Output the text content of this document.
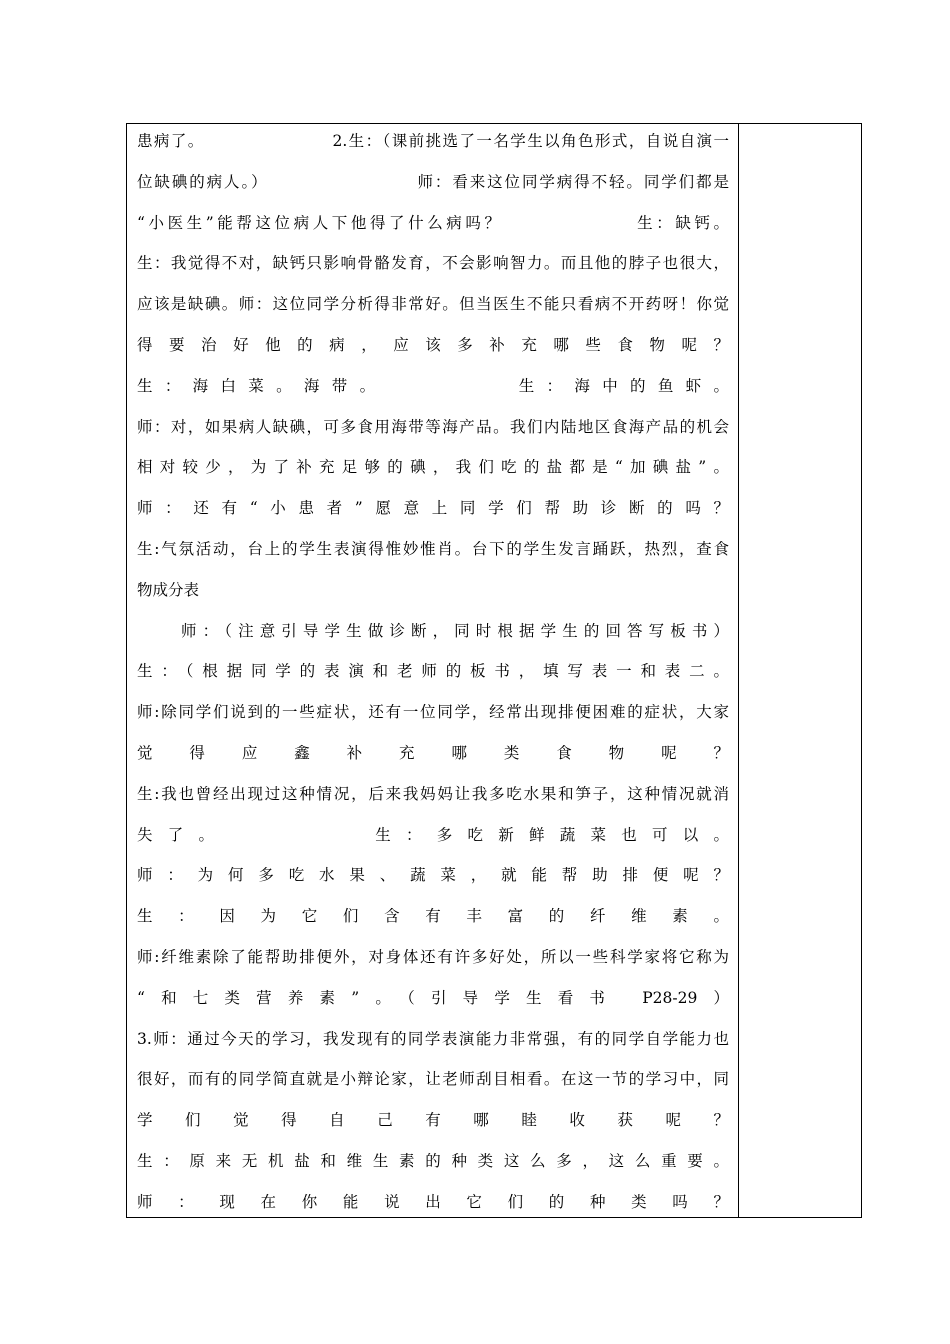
患病了。　　　　　　　　2.生：（课前挑选了一名学生以角色形式，自说自演一
位缺碘的病人。）　　　　　　　　　师：看来这位同学病得不轻。同学们都是
“小医生”能帮这位病人下他得了什么病吗？　　　　　　　生：缺钙。
生：我觉得不对，缺钙只影响骨骼发育，不会影响智力。而且他的脖子也很大，
应该是缺碘。师：这位同学分析得非常好。但当医生不能只看病不开药呀！你觉
得要治好他的病，应该多补充哪些食物呢？
生：海白菜。海带。　　　　　生：海中的鱼虾。
师：对，如果病人缺碘，可多食用海带等海产品。我们内陆地区食海产品的机会
相对较少，为了补充足够的碘，我们吃的盐都是“加碘盐”。
师：还有“小患者”愿意上同学们帮助诊断的吗？
生:气氛活动，台上的学生表演得惟妙惟肖。台下的学生发言踊跃，热烈，查食
物成分表
师：（注意引导学生做诊断，同时根据学生的回答写板书）
生：（根据同学的表演和老师的板书，填写表一和表二。
师:除同学们说到的一些症状，还有一位同学，经常出现排便困难的症状，大家
觉得应鑫补充哪类食物呢？
生:我也曾经出现过这种情况，后来我妈妈让我多吃水果和笋子，这种情况就消
失了。　　　　　生：多吃新鲜蔬菜也可以。
师：为何多吃水果、蔬菜，就能帮助排便呢？
生：因为它们含有丰富的纤维素。
师:纤维素除了能帮助排便外，对身体还有许多好处，所以一些科学家将它称为
“和七类营养素”。（引导学生看书 P28-29）
3.师：通过今天的学习，我发现有的同学表演能力非常强，有的同学自学能力也
很好，而有的同学简直就是小辩论家，让老师刮目相看。在这一节的学习中，同
学们觉得自己有哪睦收获呢？
生：原来无机盐和维生素的种类这么多，这么重要。
师：现在你能说出它们的种类吗？
